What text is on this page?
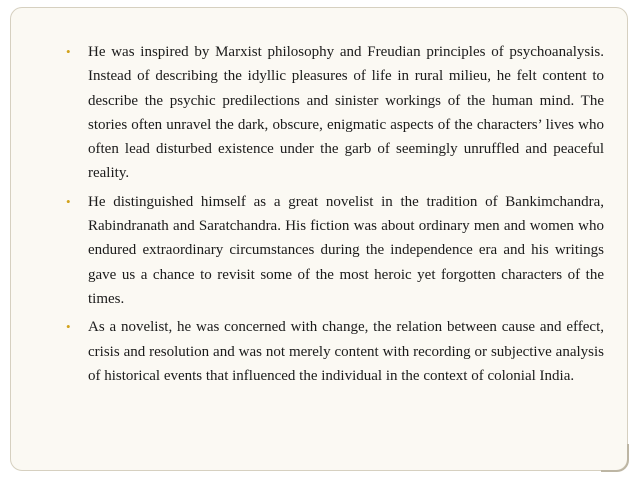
• He was inspired by Marxist philosophy and Freudian principles of psychoanalysis. Instead of describing the idyllic pleasures of life in rural milieu, he felt content to describe the psychic predilections and sinister workings of the human mind. The stories often unravel the dark, obscure, enigmatic aspects of the characters’ lives who often lead disturbed existence under the garb of seemingly unruffled and peaceful reality.
• He distinguished himself as a great novelist in the tradition of Bankimchandra, Rabindranath and Saratchandra. His fiction was about ordinary men and women who endured extraordinary circumstances during the independence era and his writings gave us a chance to revisit some of the most heroic yet forgotten characters of the times.
• As a novelist, he was concerned with change, the relation between cause and effect, crisis and resolution and was not merely content with recording or subjective analysis of historical events that influenced the individual in the context of colonial India.
